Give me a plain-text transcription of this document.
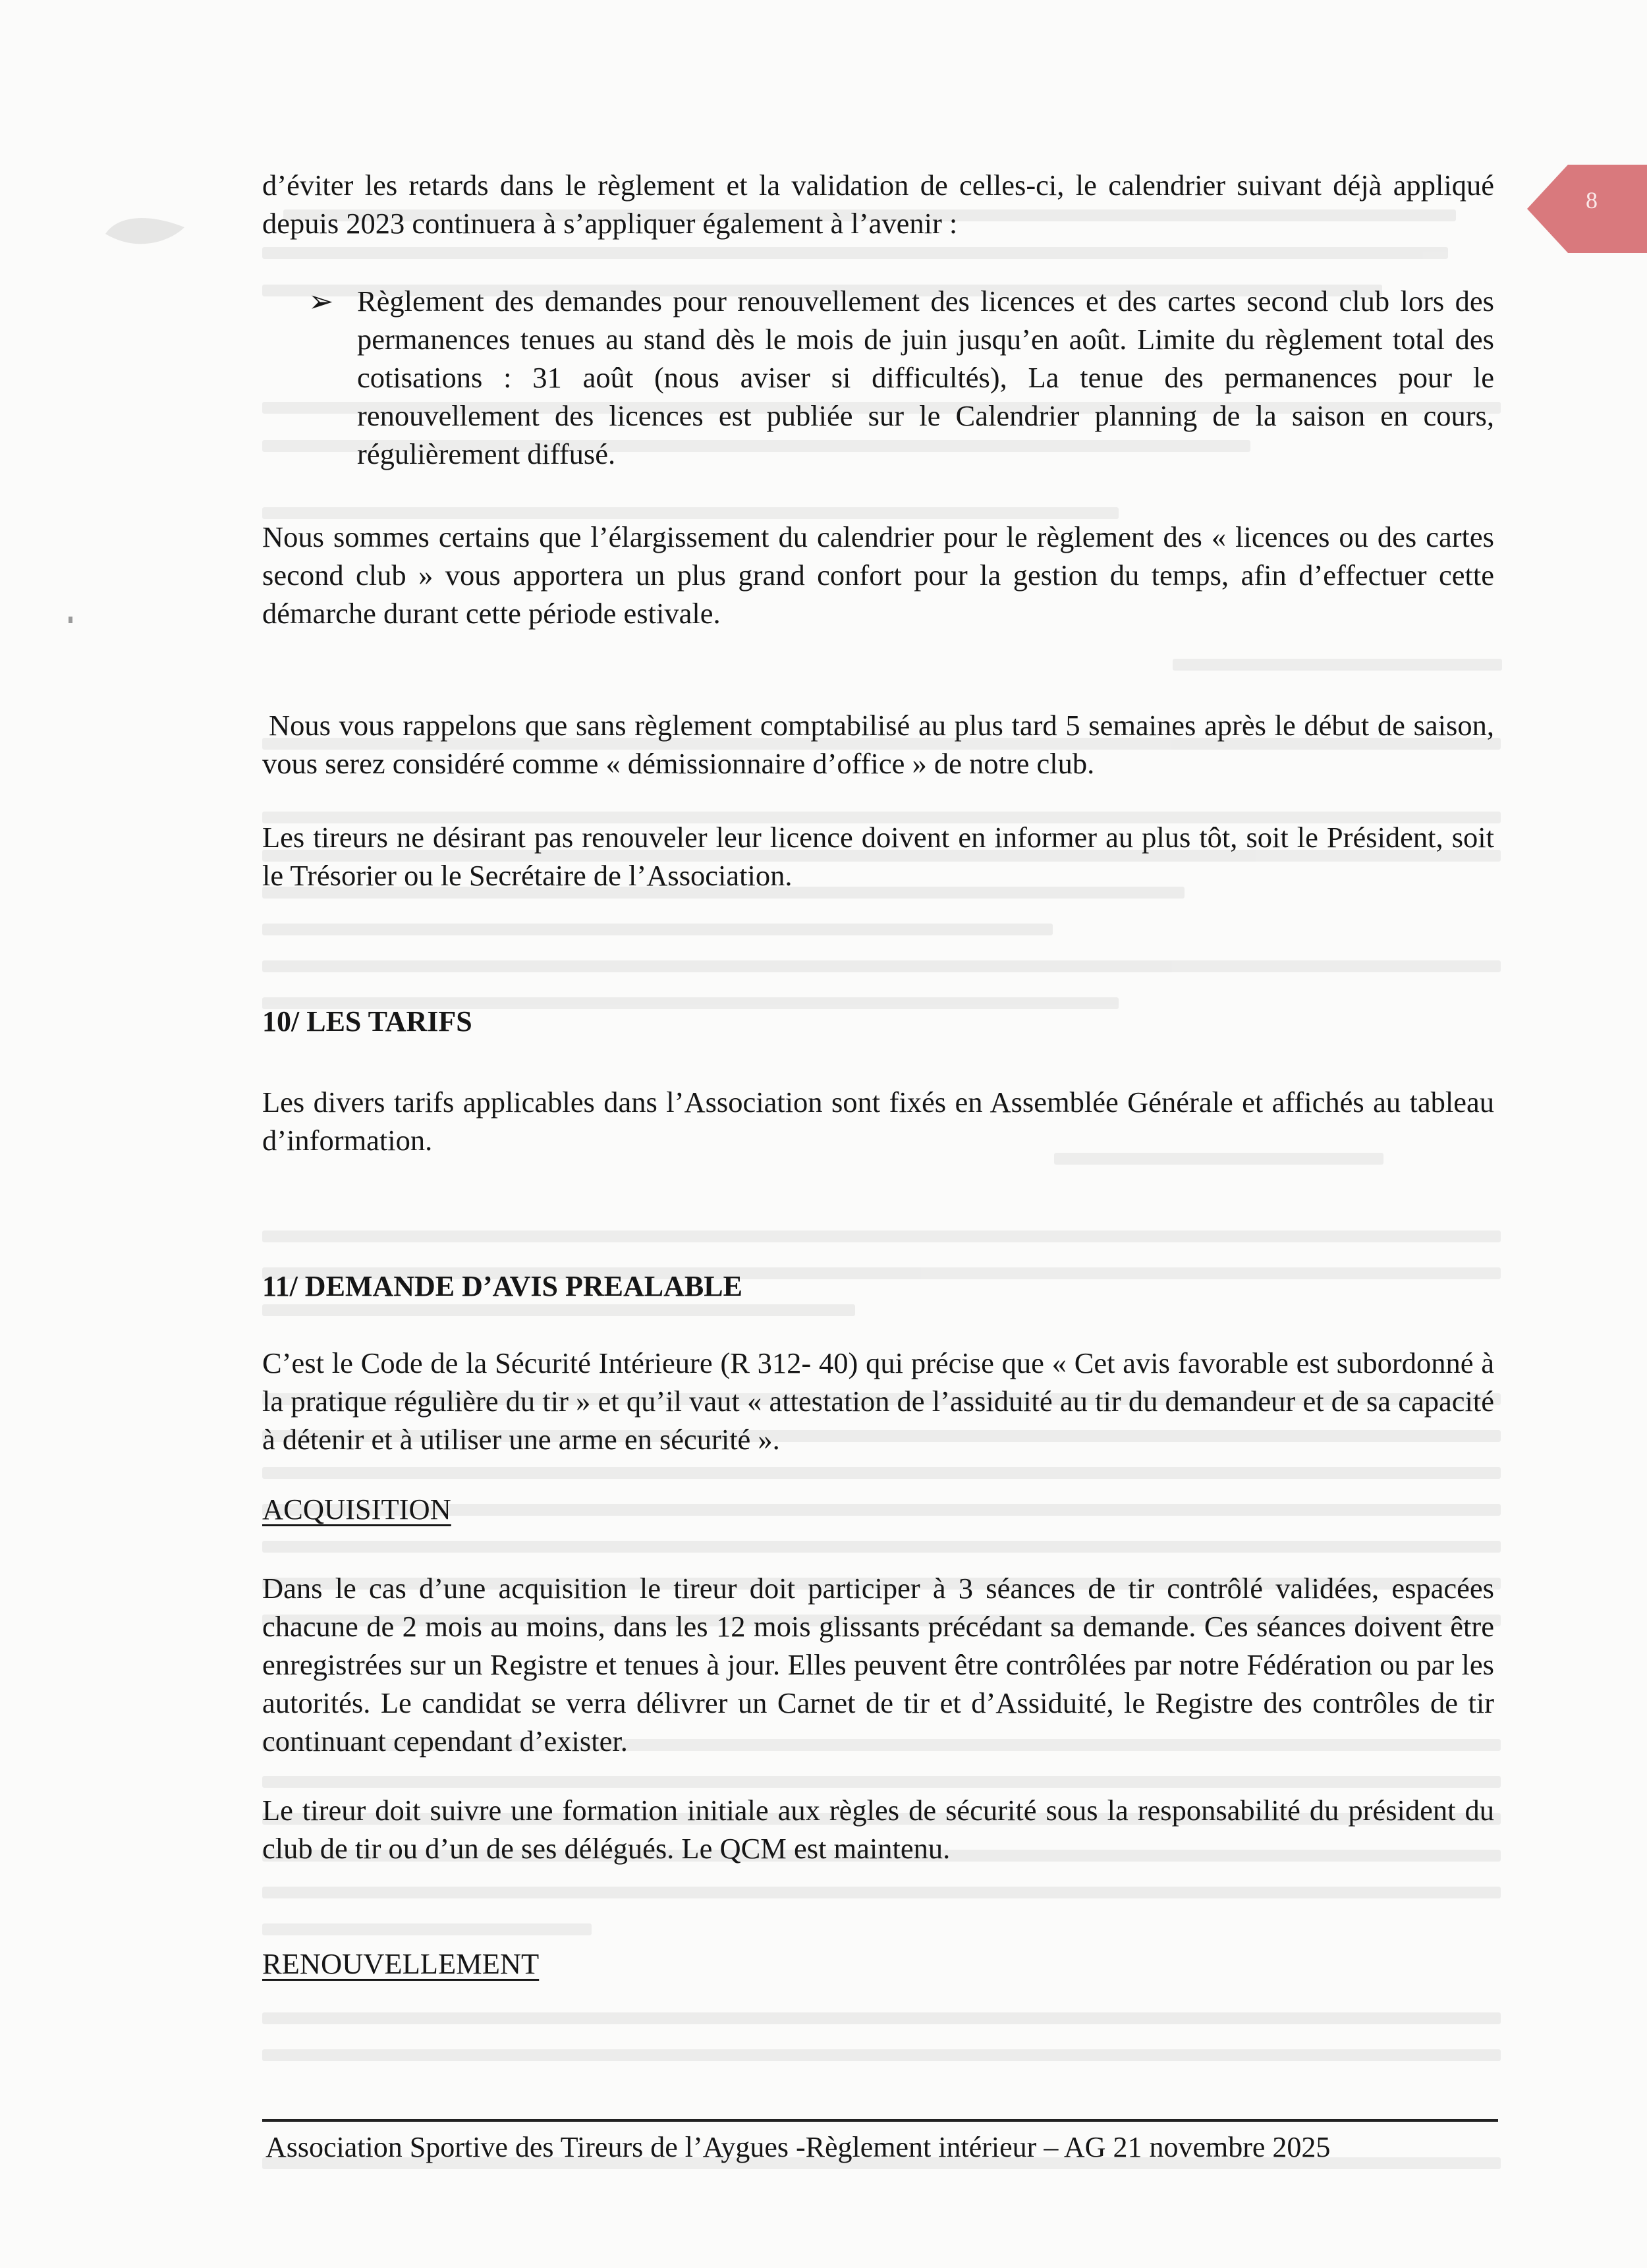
8

d’éviter les retards dans le règlement et la validation de celles-ci, le calendrier suivant déjà appliqué depuis 2023 continuera à s’appliquer également à l’avenir :

➢ Règlement des demandes pour renouvellement des licences et des cartes second club lors des permanences tenues au stand dès le mois de juin jusqu’en août. Limite du règlement total des cotisations : 31 août (nous aviser si difficultés), La tenue des permanences pour le renouvellement des licences est publiée sur le Calendrier planning de la saison en cours, régulièrement diffusé.

Nous sommes certains que l’élargissement du calendrier pour le règlement des « licences ou des cartes second club » vous apportera un plus grand confort pour la gestion du temps, afin d’effectuer cette démarche durant cette période estivale.

Nous vous rappelons que sans règlement comptabilisé au plus tard 5 semaines après le début de saison, vous serez considéré comme « démissionnaire d’office » de notre club.

Les tireurs ne désirant pas renouveler leur licence doivent en informer au plus tôt, soit le Président, soit le Trésorier ou le Secrétaire de l’Association.

10/ LES TARIFS

Les divers tarifs applicables dans l’Association sont fixés en Assemblée Générale et affichés au tableau d’information.

11/ DEMANDE D’AVIS PREALABLE

C’est le Code de la Sécurité Intérieure (R 312- 40) qui précise que « Cet avis favorable est subordonné à la pratique régulière du tir » et qu’il vaut « attestation de l’assiduité au tir du demandeur et de sa capacité à détenir et à utiliser une arme en sécurité ».

ACQUISITION

Dans le cas d’une acquisition le tireur doit participer à 3 séances de tir contrôlé validées, espacées chacune de 2 mois au moins, dans les 12 mois glissants précédant sa demande. Ces séances doivent être enregistrées sur un Registre et tenues à jour. Elles peuvent être contrôlées par notre Fédération ou par les autorités. Le candidat se verra délivrer un Carnet de tir et d’Assiduité, le Registre des contrôles de tir continuant cependant d’exister.

Le tireur doit suivre une formation initiale aux règles de sécurité sous la responsabilité du président du club de tir ou d’un de ses délégués. Le QCM est maintenu.

RENOUVELLEMENT
Association Sportive des Tireurs de l’Aygues -Règlement intérieur – AG 21 novembre 2025
